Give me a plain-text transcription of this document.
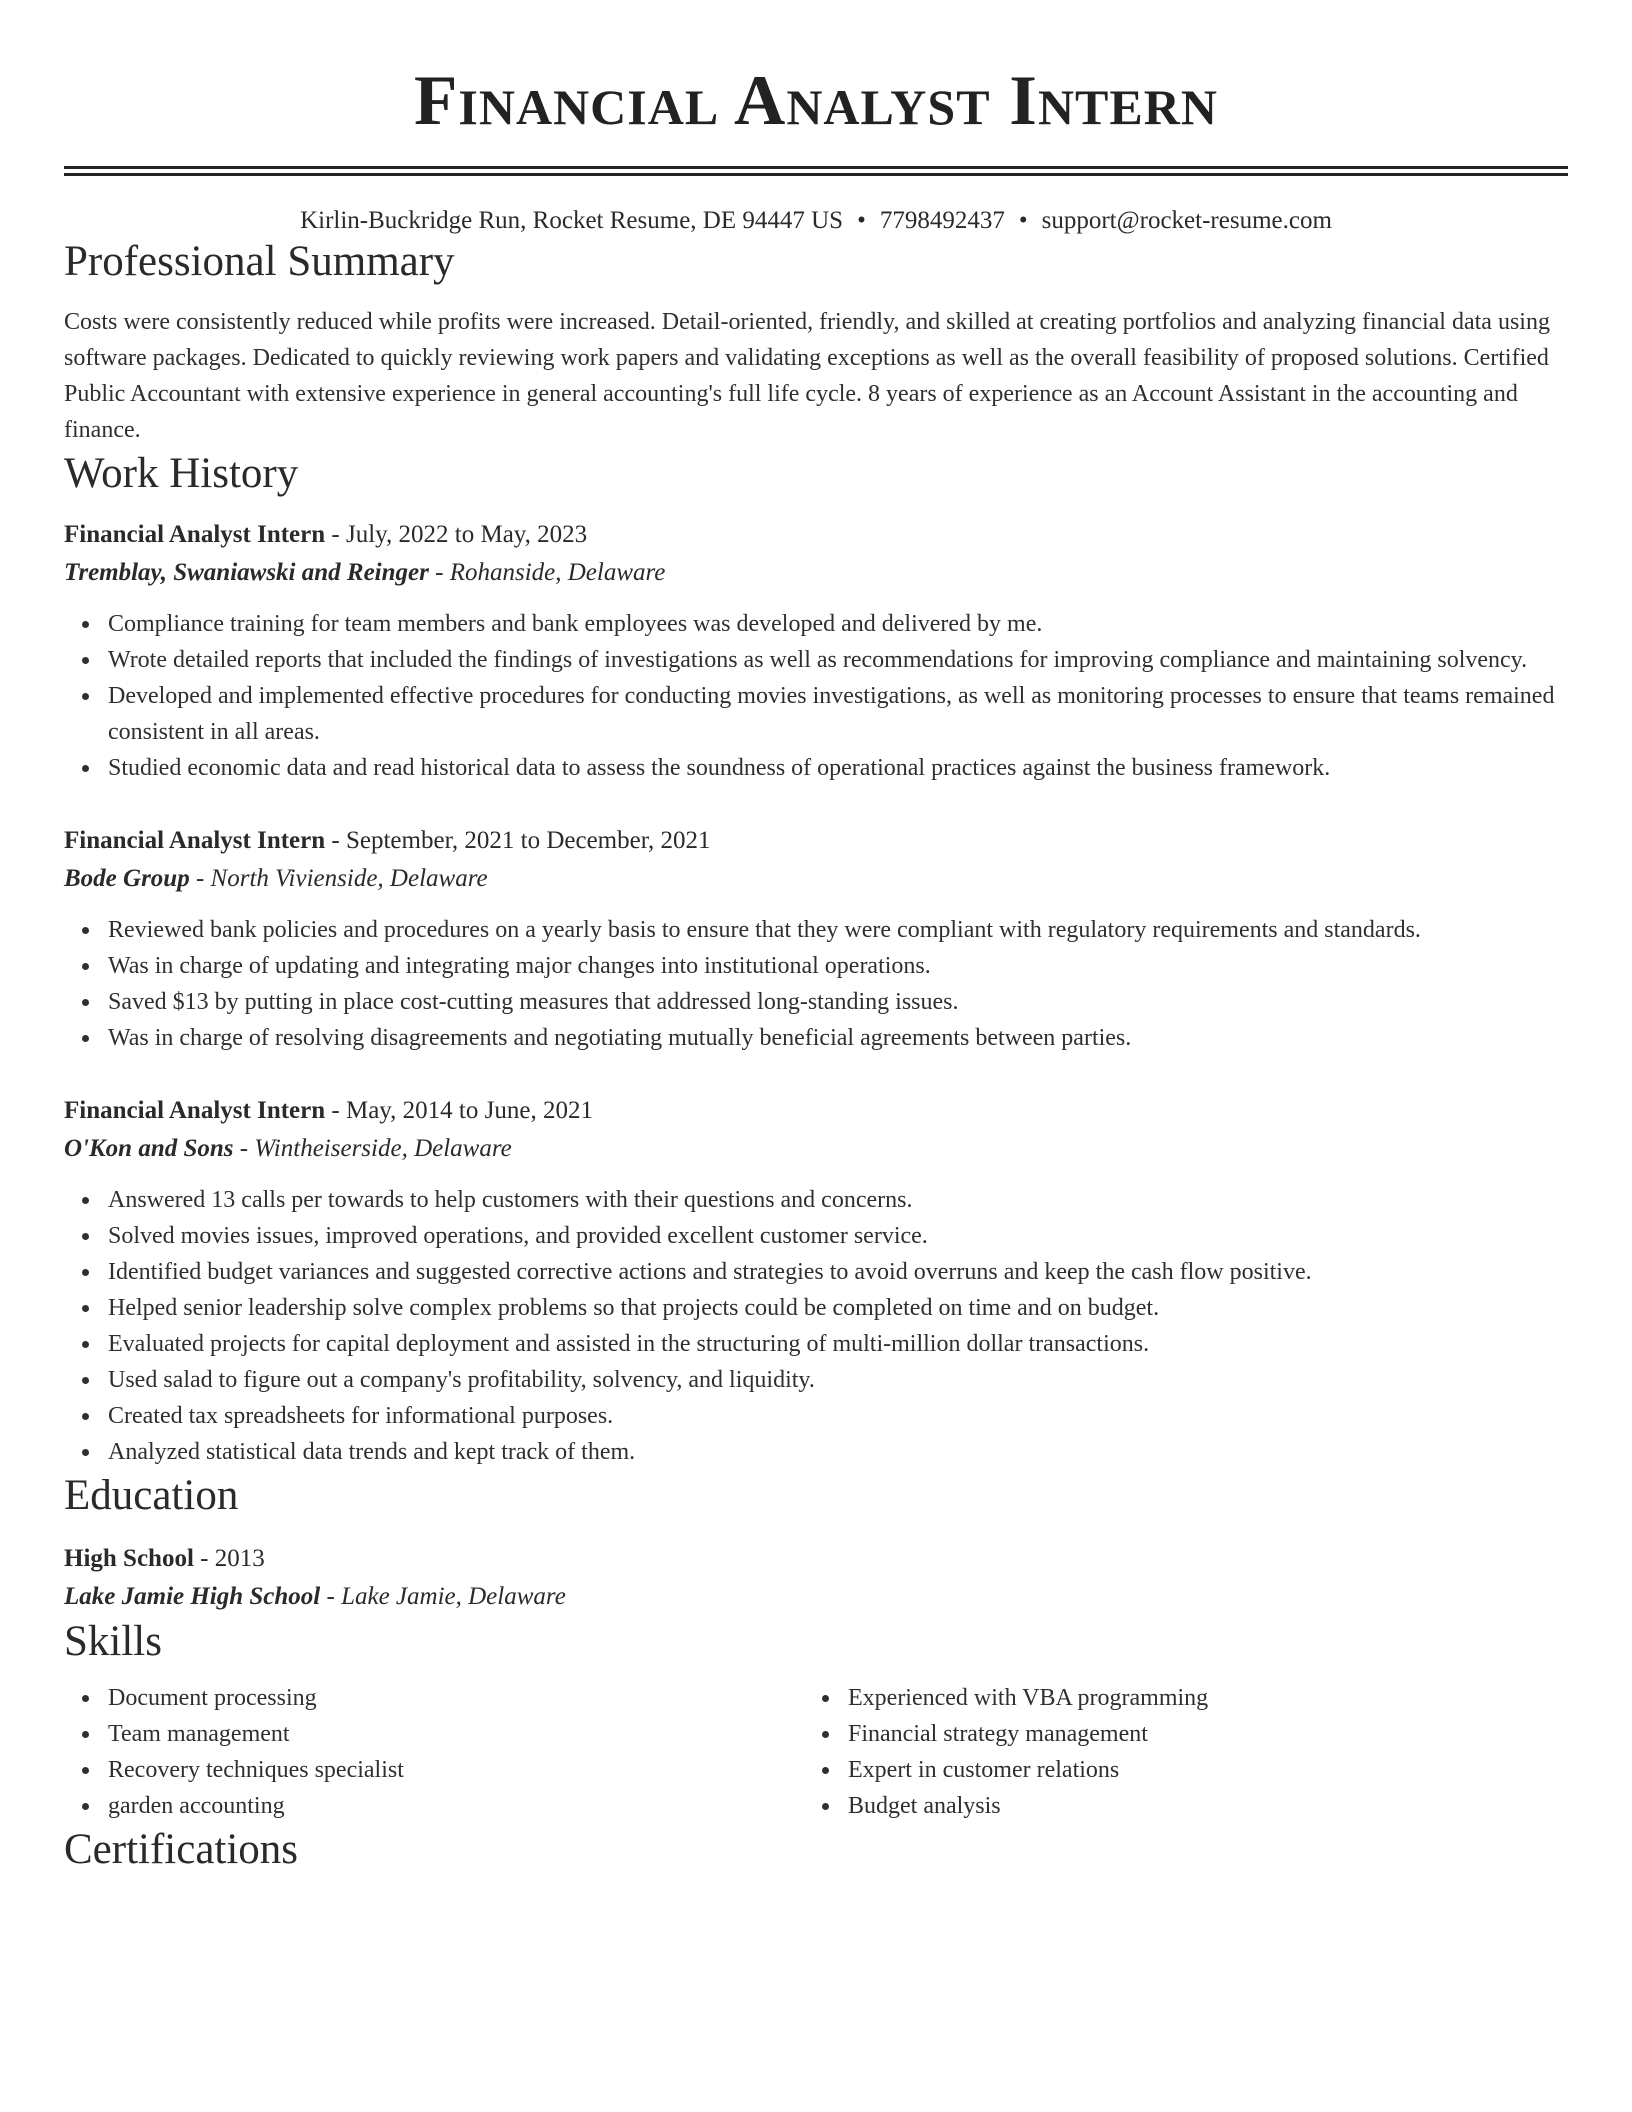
Financial Analyst Intern
Kirlin-Buckridge Run, Rocket Resume, DE 94447 US • 7798492437 • support@rocket-resume.com
Professional Summary

Costs were consistently reduced while profits were increased. Detail-oriented, friendly, and skilled at creating portfolios and analyzing financial data using software packages. Dedicated to quickly reviewing work papers and validating exceptions as well as the overall feasibility of proposed solutions. Certified Public Accountant with extensive experience in general accounting's full life cycle. 8 years of experience as an Account Assistant in the accounting and finance.

Work History
Financial Analyst Intern - July, 2022 to May, 2023
Tremblay, Swaniawski and Reinger - Rohanside, Delaware
Compliance training for team members and bank employees was developed and delivered by me.
Wrote detailed reports that included the findings of investigations as well as recommendations for improving compliance and maintaining solvency.
Developed and implemented effective procedures for conducting movies investigations, as well as monitoring processes to ensure that teams remained consistent in all areas.
Studied economic data and read historical data to assess the soundness of operational practices against the business framework.
Financial Analyst Intern - September, 2021 to December, 2021
Bode Group - North Vivienside, Delaware
Reviewed bank policies and procedures on a yearly basis to ensure that they were compliant with regulatory requirements and standards.
Was in charge of updating and integrating major changes into institutional operations.
Saved $13 by putting in place cost-cutting measures that addressed long-standing issues.
Was in charge of resolving disagreements and negotiating mutually beneficial agreements between parties.
Financial Analyst Intern - May, 2014 to June, 2021
O'Kon and Sons - Wintheiserside, Delaware
Answered 13 calls per towards to help customers with their questions and concerns.
Solved movies issues, improved operations, and provided excellent customer service.
Identified budget variances and suggested corrective actions and strategies to avoid overruns and keep the cash flow positive.
Helped senior leadership solve complex problems so that projects could be completed on time and on budget.
Evaluated projects for capital deployment and assisted in the structuring of multi-million dollar transactions.
Used salad to figure out a company's profitability, solvency, and liquidity.
Created tax spreadsheets for informational purposes.
Analyzed statistical data trends and kept track of them.
Education
High School - 2013
Lake Jamie High School - Lake Jamie, Delaware
Skills
Document processing
Team management
Recovery techniques specialist
garden accounting
Experienced with VBA programming
Financial strategy management
Expert in customer relations
Budget analysis
Certifications
